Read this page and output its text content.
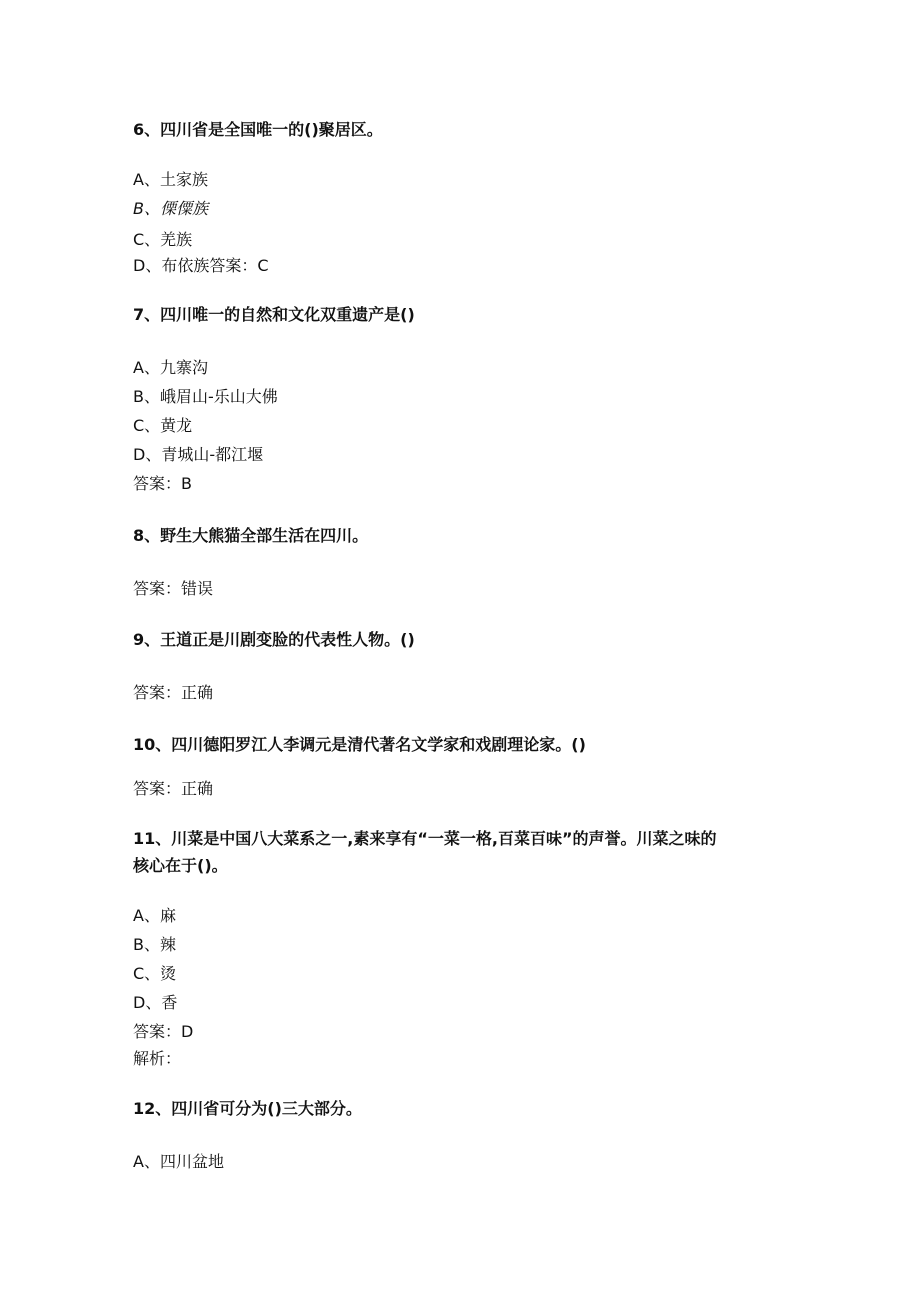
6、四川省是全国唯一的()聚居区。
A、土家族
B、傈僳族
C、羌族
D、布依族答案：C
7、四川唯一的自然和文化双重遗产是()
A、九寨沟
B、峨眉山-乐山大佛
C、黄龙
D、青城山-都江堰
答案：B
8、野生大熊猫全部生活在四川。
答案：错误
9、王道正是川剧变脸的代表性人物。()
答案：正确
10、四川德阳罗江人李调元是清代著名文学家和戏剧理论家。()
答案：正确
11、川菜是中国八大菜系之一,素来享有“一菜一格,百菜百味”的声誉。川菜之味的
核心在于()。
A、麻
B、辣
C、烫
D、香
答案：D
解析：
12、四川省可分为()三大部分。
A、四川盆地
